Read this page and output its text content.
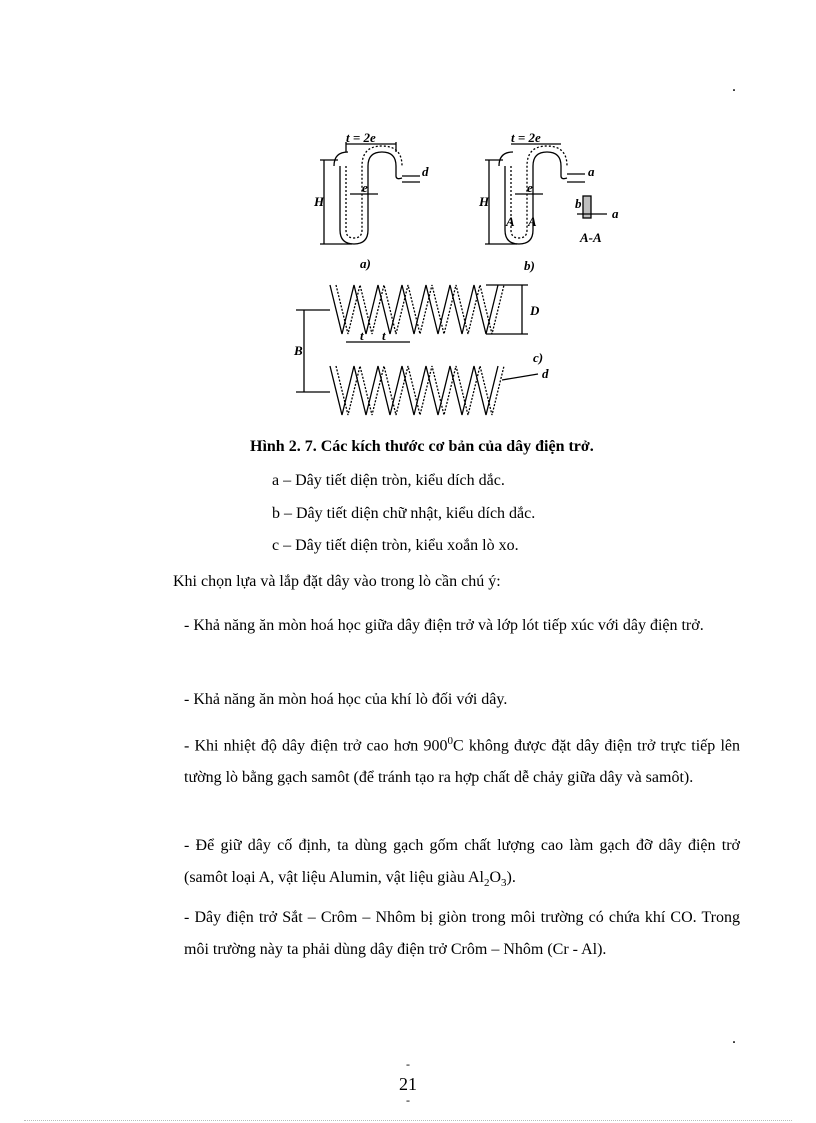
.
t = 2e	t = 2e
H	H
d
e	e
a
a
b
A A
A-A
a)	b)
D
B
t t
c)
d
Hình 2. 7. Các kích thước cơ bản của dây điện trở.
a – Dây tiết diện tròn, kiểu dích dắc.
b – Dây tiết diện chữ nhật, kiểu dích dắc.
c – Dây tiết diện tròn, kiểu xoắn lò xo.
Khi chọn lựa và lắp đặt dây vào trong lò cần chú ý:
- Khả năng ăn mòn hoá học giữa dây điện trở và lớp lót tiếp xúc với dây điện trở.
- Khả năng ăn mòn hoá học của khí lò đối với dây.
- Khi nhiệt độ dây điện trở cao hơn $900^0C$ không được đặt dây điện trở trực tiếp lên tường lò bằng gạch samôt (để tránh tạo ra hợp chất dễ chảy giữa dây và samôt).
- Để giữ dây cố định, ta dùng gạch gốm chất lượng cao làm gạch đỡ dây điện trở (samôt loại A, vật liệu Alumin, vật liệu giàu $Al_2O_3$).
- Dây điện trở Sắt – Crôm – Nhôm bị giòn trong môi trường có chứa khí CO. Trong môi trường này ta phải dùng dây điện trở Crôm – Nhôm (Cr - Al).
.
-
21
-
